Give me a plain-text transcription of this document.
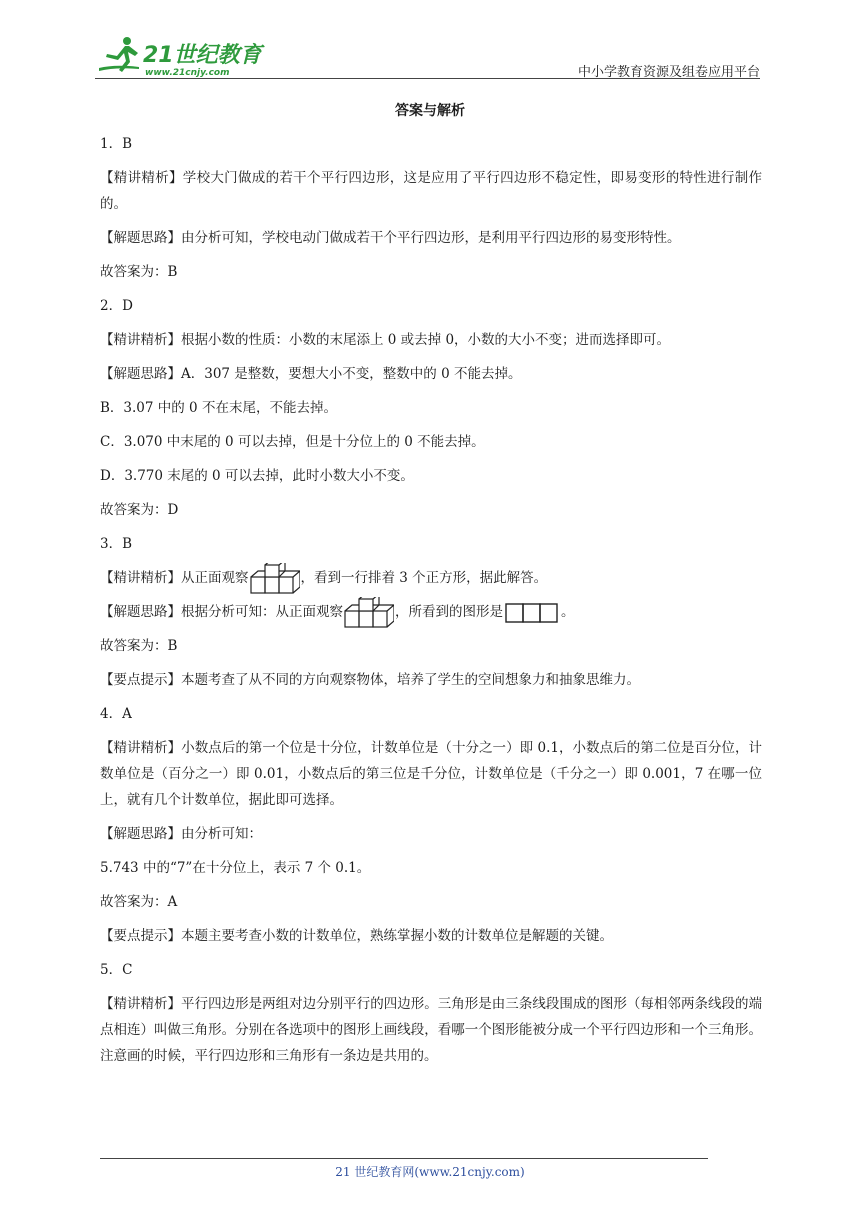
21世纪教育
www.21cnjy.com	中小学教育资源及组卷应用平台
答案与解析

1．B

【精讲精析】学校大门做成的若干个平行四边形，这是应用了平行四边形不稳定性，即易变形的特性进行制作的。

【解题思路】由分析可知，学校电动门做成若干个平行四边形，是利用平行四边形的易变形特性。

故答案为：B

2．D

【精讲精析】根据小数的性质：小数的末尾添上 0 或去掉 0，小数的大小不变；进而选择即可。

【解题思路】A．307 是整数，要想大小不变，整数中的 0 不能去掉。

B．3.07 中的 0 不在末尾，不能去掉。

C．3.070 中末尾的 0 可以去掉，但是十分位上的 0 不能去掉。

D．3.770 末尾的 0 可以去掉，此时小数大小不变。

故答案为：D

3．B

【精讲精析】从正面观察	，看到一行排着 3 个正方形，据此解答。

【解题思路】根据分析可知：从正面观察	，所看到的图形是	。

故答案为：B

【要点提示】本题考查了从不同的方向观察物体，培养了学生的空间想象力和抽象思维力。

4．A

【精讲精析】小数点后的第一个位是十分位，计数单位是（十分之一）即 0.1，小数点后的第二位是百分位，计数单位是（百分之一）即 0.01，小数点后的第三位是千分位，计数单位是（千分之一）即 0.001，7 在哪一位上，就有几个计数单位，据此即可选择。

【解题思路】由分析可知：

5.743 中的“7”在十分位上，表示 7 个 0.1。

故答案为：A

【要点提示】本题主要考查小数的计数单位，熟练掌握小数的计数单位是解题的关键。

5．C

【精讲精析】平行四边形是两组对边分别平行的四边形。三角形是由三条线段围成的图形（每相邻两条线段的端点相连）叫做三角形。分别在各选项中的图形上画线段，看哪一个图形能被分成一个平行四边形和一个三角形。注意画的时候，平行四边形和三角形有一条边是共用的。

21 世纪教育网(www.21cnjy.com)
